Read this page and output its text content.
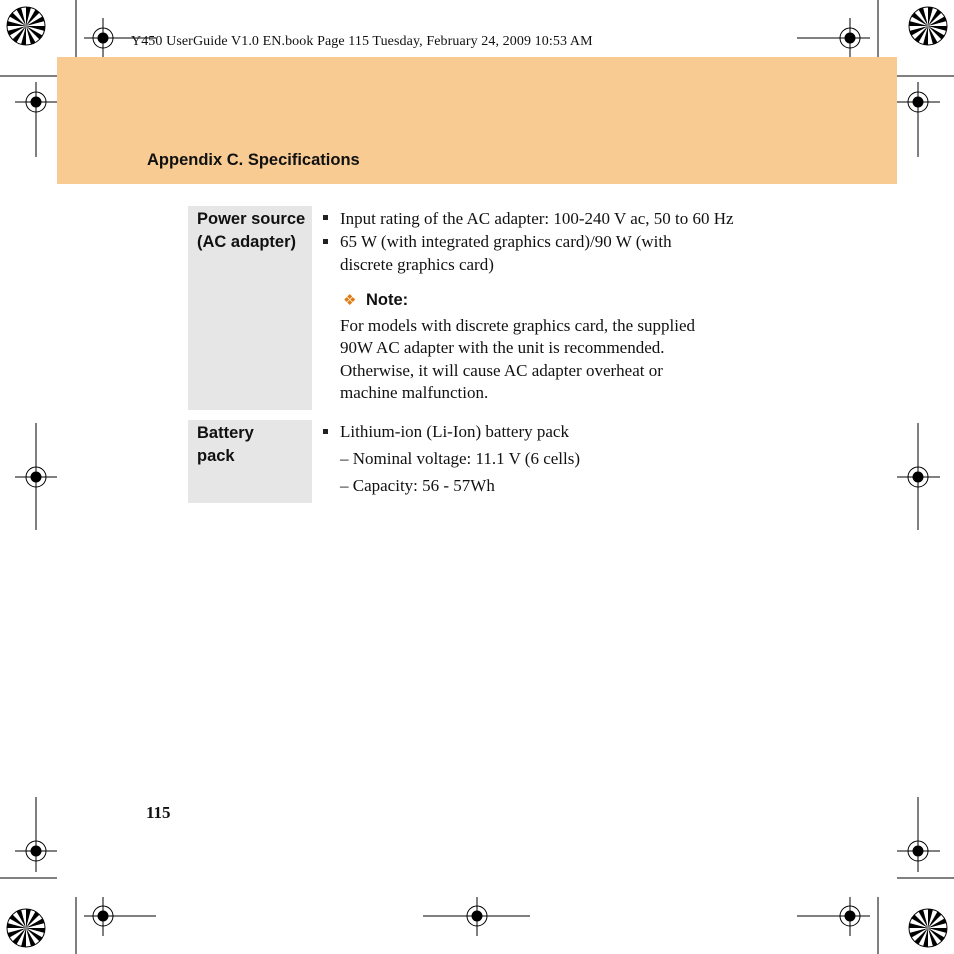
Y450 UserGuide V1.0 EN.book Page 115 Tuesday, February 24, 2009 10:53 AM
Appendix C. Specifications
Power source
(AC adapter)
Input rating of the AC adapter: 100-240 V ac, 50 to 60 Hz
65 W (with integrated graphics card)/90 W (with
discrete graphics card)
❖ Note:
For models with discrete graphics card, the supplied
90W AC adapter with the unit is recommended.
Otherwise, it will cause AC adapter overheat or
machine malfunction.
Battery
pack
Lithium-ion (Li-Ion) battery pack
– Nominal voltage: 11.1 V (6 cells)
– Capacity: 56 - 57Wh
115
